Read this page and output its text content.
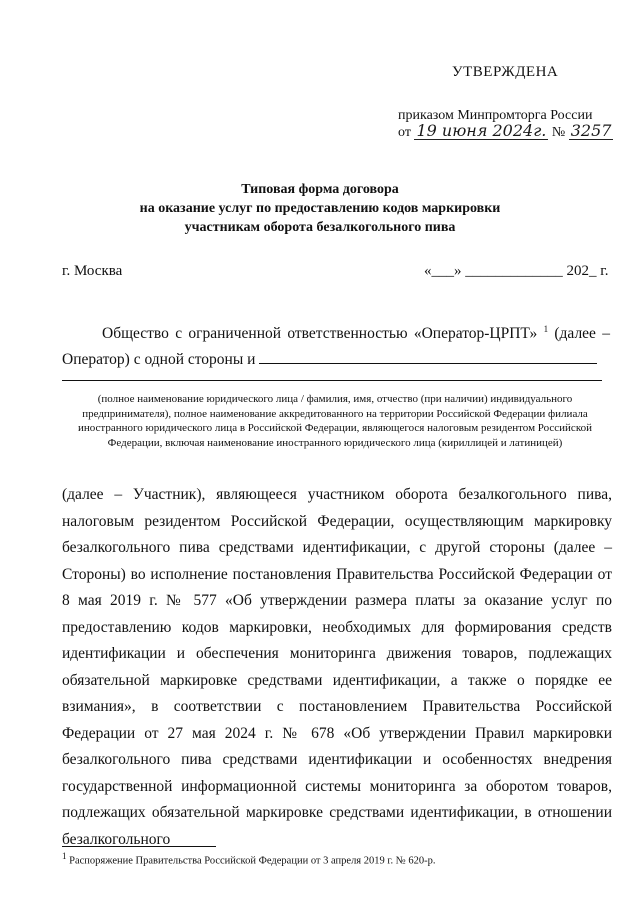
УТВЕРЖДЕНА
приказом Минпромторга России
от 19 июня 2024г. № 3257
Типовая форма договора
на оказание услуг по предоставлению кодов маркировки
участникам оборота безалкогольного пива
г. Москва	«___» _____________ 202_ г.
Общество с ограниченной ответственностью «Оператор-ЦРПТ» $^1$ (далее – Оператор) с одной стороны и
(полное наименование юридического лица / фамилия, имя, отчество (при наличии) индивидуального предпринимателя), полное наименование аккредитованного на территории Российской Федерации филиала иностранного юридического лица в Российской Федерации, являющегося налоговым резидентом Российской Федерации, включая наименование иностранного юридического лица (кириллицей и латиницей)
(далее – Участник), являющееся участником оборота безалкогольного пива, налоговым резидентом Российской Федерации, осуществляющим маркировку безалкогольного пива средствами идентификации, с другой стороны (далее – Стороны) во исполнение постановления Правительства Российской Федерации от 8 мая 2019 г. № 577 «Об утверждении размера платы за оказание услуг по предоставлению кодов маркировки, необходимых для формирования средств идентификации и обеспечения мониторинга движения товаров, подлежащих обязательной маркировке средствами идентификации, а также о порядке ее взимания», в соответствии с постановлением Правительства Российской Федерации от 27 мая 2024 г. № 678 «Об утверждении Правил маркировки безалкогольного пива средствами идентификации и особенностях внедрения государственной информационной системы мониторинга за оборотом товаров, подлежащих обязательной маркировке средствами идентификации, в отношении безалкогольного
$^1$ Распоряжение Правительства Российской Федерации от 3 апреля 2019 г. № 620-р.
